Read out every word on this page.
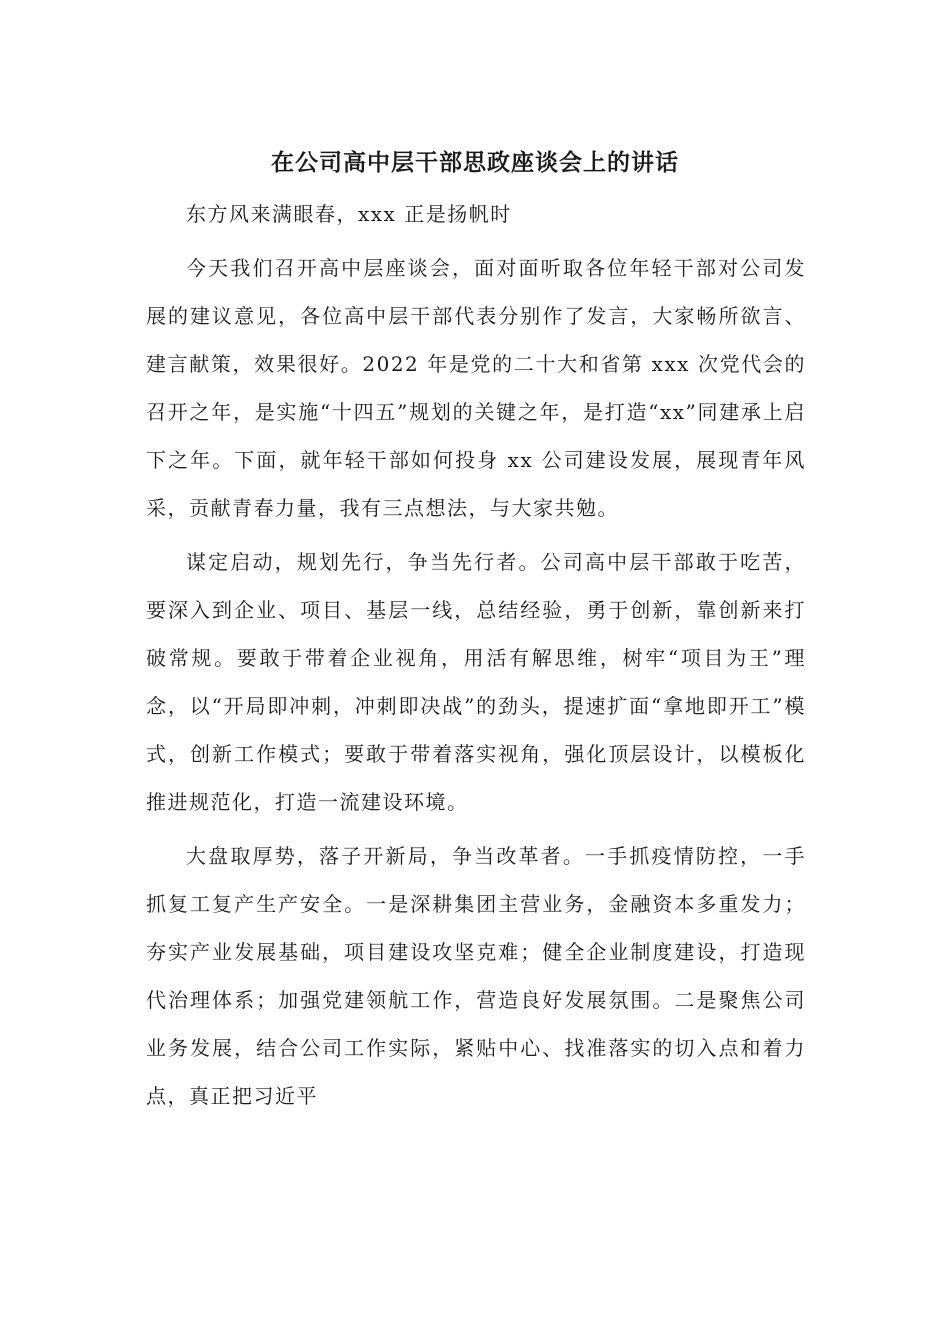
在公司高中层干部思政座谈会上的讲话

东方风来满眼春，xxx 正是扬帆时

今天我们召开高中层座谈会，面对面听取各位年轻干部对公司发展的建议意见，各位高中层干部代表分别作了发言，大家畅所欲言、建言献策，效果很好。2022 年是党的二十大和省第 xxx 次党代会的召开之年，是实施“十四五”规划的关键之年，是打造“xx”同建承上启下之年。下面，就年轻干部如何投身 xx 公司建设发展，展现青年风采，贡献青春力量，我有三点想法，与大家共勉。

谋定启动，规划先行，争当先行者。公司高中层干部敢于吃苦，要深入到企业、项目、基层一线，总结经验，勇于创新，靠创新来打破常规。要敢于带着企业视角，用活有解思维，树牢“项目为王”理念，以“开局即冲刺，冲刺即决战”的劲头，提速扩面“拿地即开工”模式，创新工作模式；要敢于带着落实视角，强化顶层设计，以模板化推进规范化，打造一流建设环境。

大盘取厚势，落子开新局，争当改革者。一手抓疫情防控，一手抓复工复产生产安全。一是深耕集团主营业务，金融资本多重发力；夯实产业发展基础，项目建设攻坚克难；健全企业制度建设，打造现代治理体系；加强党建领航工作，营造良好发展氛围。二是聚焦公司业务发展，结合公司工作实际，紧贴中心、找准落实的切入点和着力点，真正把习近平
